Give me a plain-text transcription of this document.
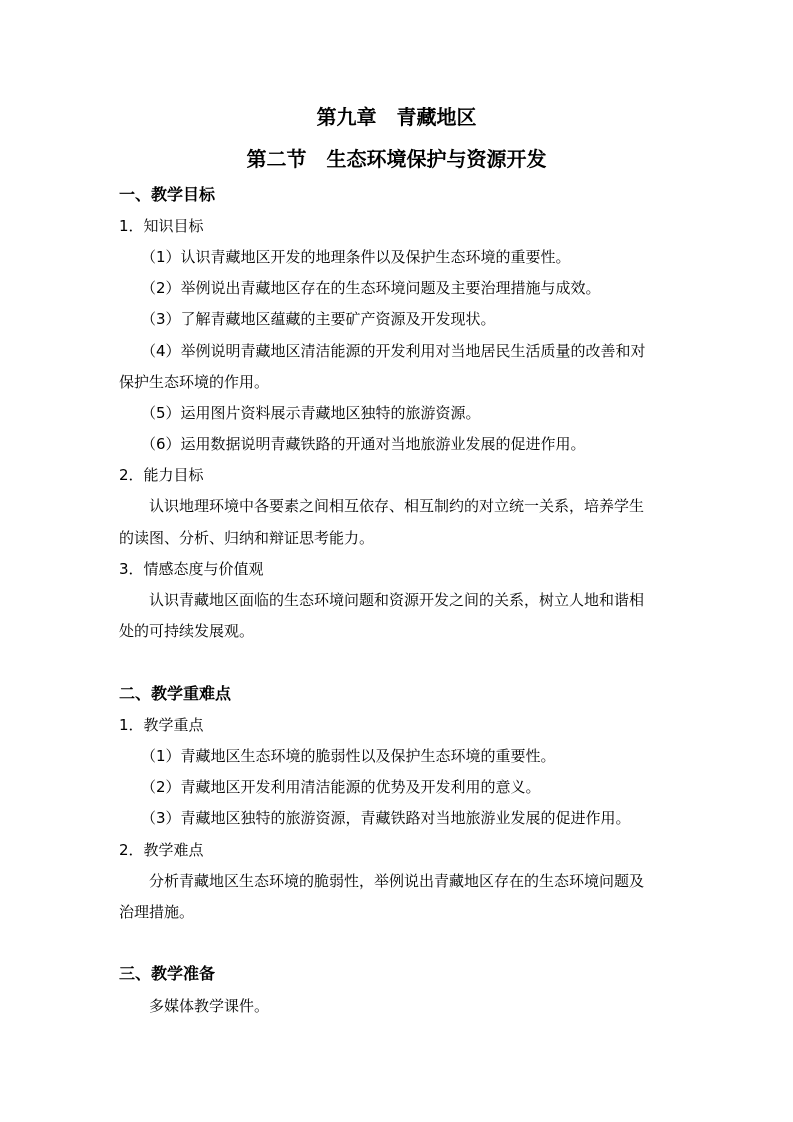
第九章　青藏地区
第二节　生态环境保护与资源开发
一、教学目标
1．知识目标
（1）认识青藏地区开发的地理条件以及保护生态环境的重要性。
（2）举例说出青藏地区存在的生态环境问题及主要治理措施与成效。
（3）了解青藏地区蕴藏的主要矿产资源及开发现状。
（4）举例说明青藏地区清洁能源的开发利用对当地居民生活质量的改善和对
保护生态环境的作用。
（5）运用图片资料展示青藏地区独特的旅游资源。
（6）运用数据说明青藏铁路的开通对当地旅游业发展的促进作用。
2．能力目标
认识地理环境中各要素之间相互依存、相互制约的对立统一关系，培养学生
的读图、分析、归纳和辩证思考能力。
3．情感态度与价值观
认识青藏地区面临的生态环境问题和资源开发之间的关系，树立人地和谐相
处的可持续发展观。
二、教学重难点
1．教学重点
（1）青藏地区生态环境的脆弱性以及保护生态环境的重要性。
（2）青藏地区开发利用清洁能源的优势及开发利用的意义。
（3）青藏地区独特的旅游资源，青藏铁路对当地旅游业发展的促进作用。
2．教学难点
分析青藏地区生态环境的脆弱性，举例说出青藏地区存在的生态环境问题及
治理措施。
三、教学准备
多媒体教学课件。
